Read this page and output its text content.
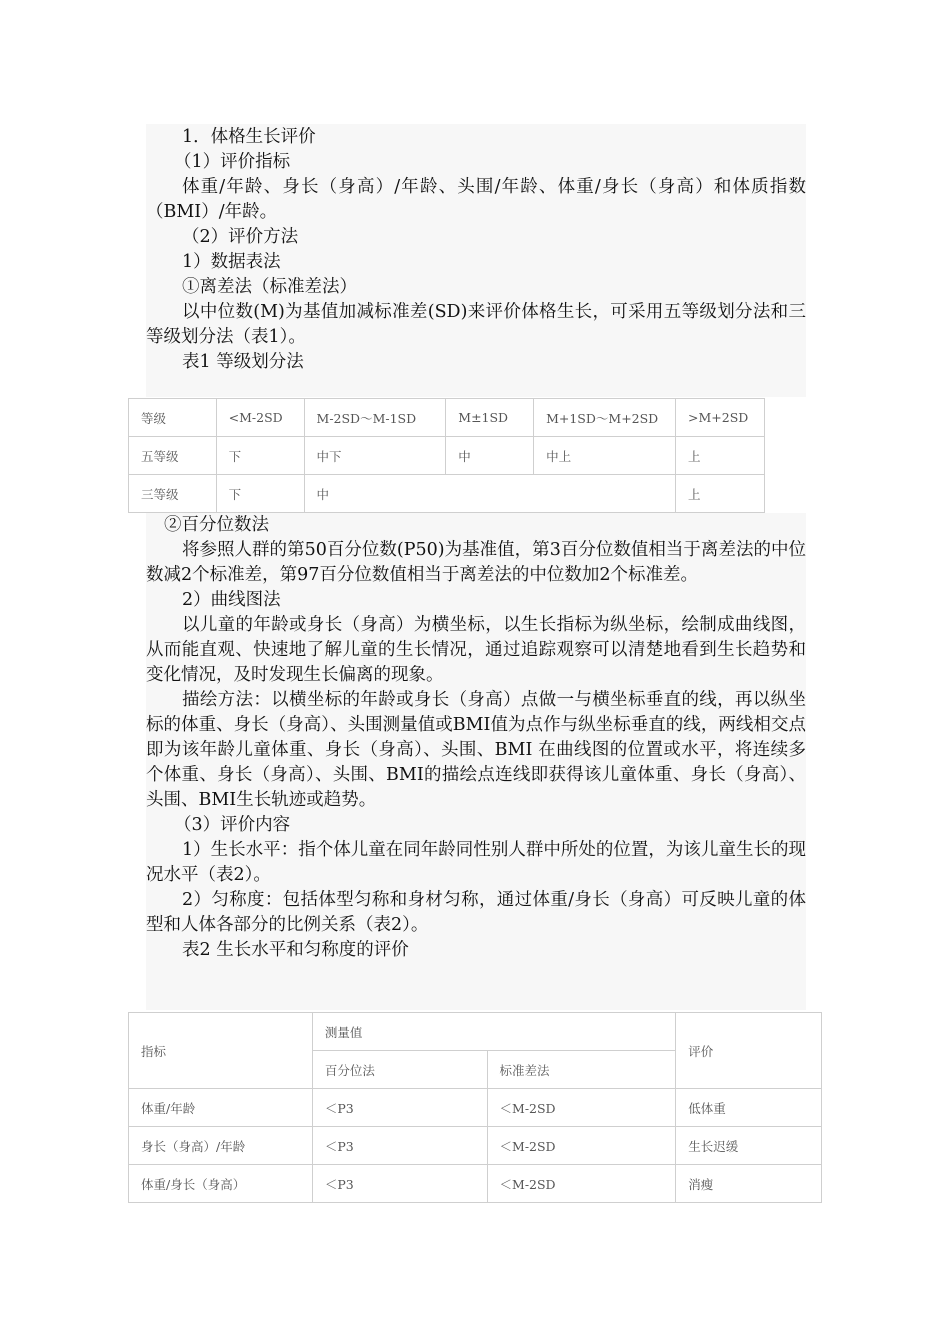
1．体格生长评价

（1）评价指标

体重/年龄、身长（身高）/年龄、头围/年龄、体重/身长（身高）和体质指数（BMI）/年龄。

（2）评价方法

1）数据表法

①离差法（标准差法）

以中位数(M)为基值加减标准差(SD)来评价体格生长，可采用五等级划分法和三等级划分法（表1）。

表1 等级划分法

等级	<M-2SD	M-2SD～M-1SD	M±1SD	M+1SD～M+2SD	>M+2SD
五等级	下	中下	中	中上	上
三等级	下	中			上

②百分位数法

将参照人群的第50百分位数(P50)为基准值，第3百分位数值相当于离差法的中位数减2个标准差，第97百分位数值相当于离差法的中位数加2个标准差。

2）曲线图法

以儿童的年龄或身长（身高）为横坐标，以生长指标为纵坐标，绘制成曲线图，从而能直观、快速地了解儿童的生长情况，通过追踪观察可以清楚地看到生长趋势和变化情况，及时发现生长偏离的现象。

描绘方法：以横坐标的年龄或身长（身高）点做一与横坐标垂直的线，再以纵坐标的体重、身长（身高）、头围测量值或BMI值为点作与纵坐标垂直的线，两线相交点即为该年龄儿童体重、身长（身高）、头围、BMI 在曲线图的位置或水平，将连续多个体重、身长（身高）、头围、BMI的描绘点连线即获得该儿童体重、身长（身高）、头围、BMI生长轨迹或趋势。

（3）评价内容

1）生长水平：指个体儿童在同年龄同性别人群中所处的位置，为该儿童生长的现况水平（表2）。

2）匀称度：包括体型匀称和身材匀称，通过体重/身长（身高）可反映儿童的体型和人体各部分的比例关系（表2）。

表2 生长水平和匀称度的评价

指标	测量值		评价
	百分位法	标准差法	
体重/年龄	＜P3	＜M-2SD	低体重
身长（身高）/年龄	＜P3	＜M-2SD	生长迟缓
体重/身长（身高）	＜P3	＜M-2SD	消瘦
